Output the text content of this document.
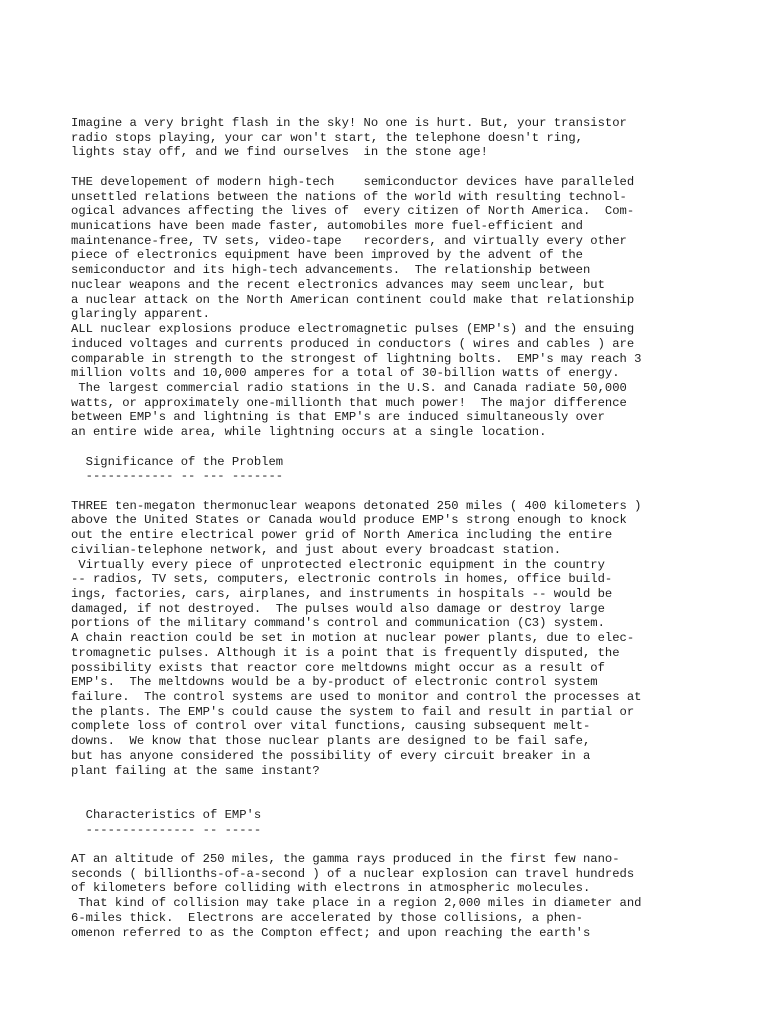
Imagine a very bright flash in the sky! No one is hurt. But, your transistor
radio stops playing, your car won't start, the telephone doesn't ring,
lights stay off, and we find ourselves  in the stone age!

THE developement of modern high-tech    semiconductor devices have paralleled
unsettled relations between the nations of the world with resulting technol-
ogical advances affecting the lives of  every citizen of North America.  Com-
munications have been made faster, automobiles more fuel-efficient and
maintenance-free, TV sets, video-tape   recorders, and virtually every other
piece of electronics equipment have been improved by the advent of the
semiconductor and its high-tech advancements.  The relationship between
nuclear weapons and the recent electronics advances may seem unclear, but
a nuclear attack on the North American continent could make that relationship
glaringly apparent.
ALL nuclear explosions produce electromagnetic pulses (EMP's) and the ensuing
induced voltages and currents produced in conductors ( wires and cables ) are
comparable in strength to the strongest of lightning bolts.  EMP's may reach 3
million volts and 10,000 amperes for a total of 30-billion watts of energy.
The largest commercial radio stations in the U.S. and Canada radiate 50,000
watts, or approximately one-millionth that much power!  The major difference
between EMP's and lightning is that EMP's are induced simultaneously over
an entire wide area, while lightning occurs at a single location.

Significance of the Problem
------------ -- --- -------

THREE ten-megaton thermonuclear weapons detonated 250 miles ( 400 kilometers )
above the United States or Canada would produce EMP's strong enough to knock
out the entire electrical power grid of North America including the entire
civilian-telephone network, and just about every broadcast station.
Virtually every piece of unprotected electronic equipment in the country
-- radios, TV sets, computers, electronic controls in homes, office build-
ings, factories, cars, airplanes, and instruments in hospitals -- would be
damaged, if not destroyed.  The pulses would also damage or destroy large
portions of the military command's control and communication (C3) system.
A chain reaction could be set in motion at nuclear power plants, due to elec-
tromagnetic pulses. Although it is a point that is frequently disputed, the
possibility exists that reactor core meltdowns might occur as a result of
EMP's.  The meltdowns would be a by-product of electronic control system
failure.  The control systems are used to monitor and control the processes at
the plants. The EMP's could cause the system to fail and result in partial or
complete loss of control over vital functions, causing subsequent melt-
downs.  We know that those nuclear plants are designed to be fail safe,
but has anyone considered the possibility of every circuit breaker in a
plant failing at the same instant?

Characteristics of EMP's
--------------- -- -----

AT an altitude of 250 miles, the gamma rays produced in the first few nano-
seconds ( billionths-of-a-second ) of a nuclear explosion can travel hundreds
of kilometers before colliding with electrons in atmospheric molecules.
That kind of collision may take place in a region 2,000 miles in diameter and
6-miles thick.  Electrons are accelerated by those collisions, a phen-
omenon referred to as the Compton effect; and upon reaching the earth's
